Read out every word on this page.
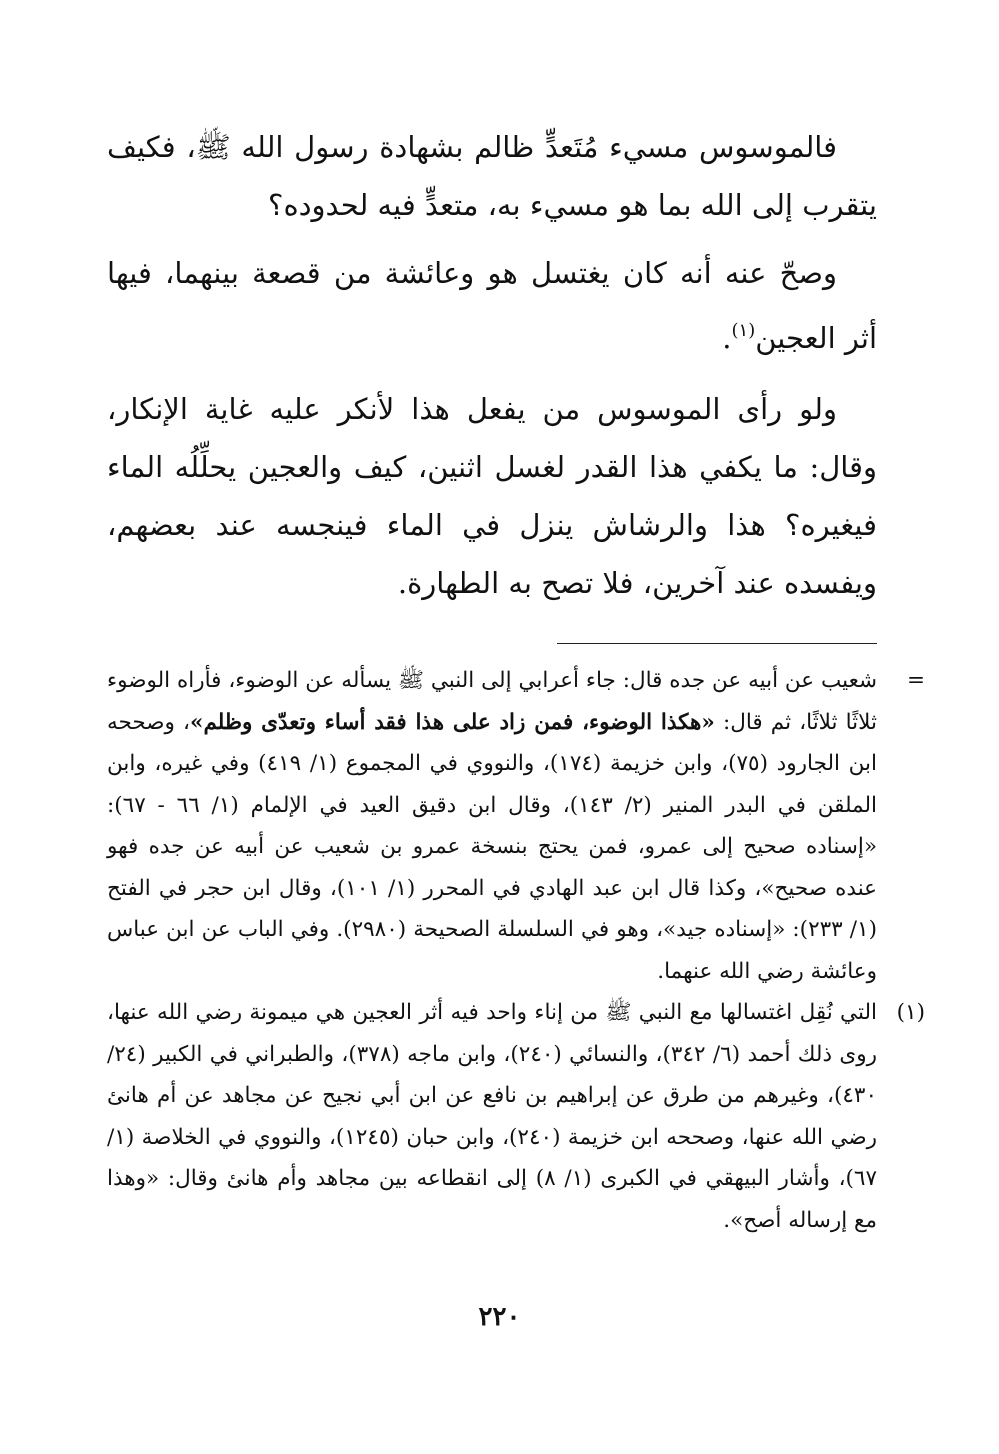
فالموسوس مسيء مُتَعدٍّ ظالم بشهادة رسول الله ﷺ، فكيف يتقرب إلى الله بما هو مسيء به، متعدٍّ فيه لحدوده؟

وصحّ عنه أنه كان يغتسل هو وعائشة من قصعة بينهما، فيها أثر العجين$^{(١)}$.

ولو رأى الموسوس من يفعل هذا لأنكر عليه غاية الإنكار، وقال: ما يكفي هذا القدر لغسل اثنين، كيف والعجين يحلِّلُه الماء فيغيره؟ هذا والرشاش ينزل في الماء فينجسه عند بعضهم، ويفسده عند آخرين، فلا تصح به الطهارة.

=
شعيب عن أبيه عن جده قال: جاء أعرابي إلى النبي ﷺ يسأله عن الوضوء، فأراه الوضوء ثلاثًا ثلاثًا، ثم قال: «هكذا الوضوء، فمن زاد على هذا فقد أساء وتعدّى وظلم»، وصححه ابن الجارود (٧٥)، وابن خزيمة (١٧٤)، والنووي في المجموع (١/ ٤١٩) وفي غيره، وابن الملقن في البدر المنير (٢/ ١٤٣)، وقال ابن دقيق العيد في الإلمام (١/ ٦٦ - ٦٧): «إسناده صحيح إلى عمرو، فمن يحتج بنسخة عمرو بن شعيب عن أبيه عن جده فهو عنده صحيح»، وكذا قال ابن عبد الهادي في المحرر (١/ ١٠١)، وقال ابن حجر في الفتح (١/ ٢٣٣): «إسناده جيد»، وهو في السلسلة الصحيحة (٢٩٨٠). وفي الباب عن ابن عباس وعائشة رضي الله عنهما.

(١)
التي نُقِل اغتسالها مع النبي ﷺ من إناء واحد فيه أثر العجين هي ميمونة رضي الله عنها، روى ذلك أحمد (٦/ ٣٤٢)، والنسائي (٢٤٠)، وابن ماجه (٣٧٨)، والطبراني في الكبير (٢٤/ ٤٣٠)، وغيرهم من طرق عن إبراهيم بن نافع عن ابن أبي نجيح عن مجاهد عن أم هانئ رضي الله عنها، وصححه ابن خزيمة (٢٤٠)، وابن حبان (١٢٤٥)، والنووي في الخلاصة (١/ ٦٧)، وأشار البيهقي في الكبرى (١/ ٨) إلى انقطاعه بين مجاهد وأم هانئ وقال: «وهذا مع إرساله أصح».

٢٢٠
